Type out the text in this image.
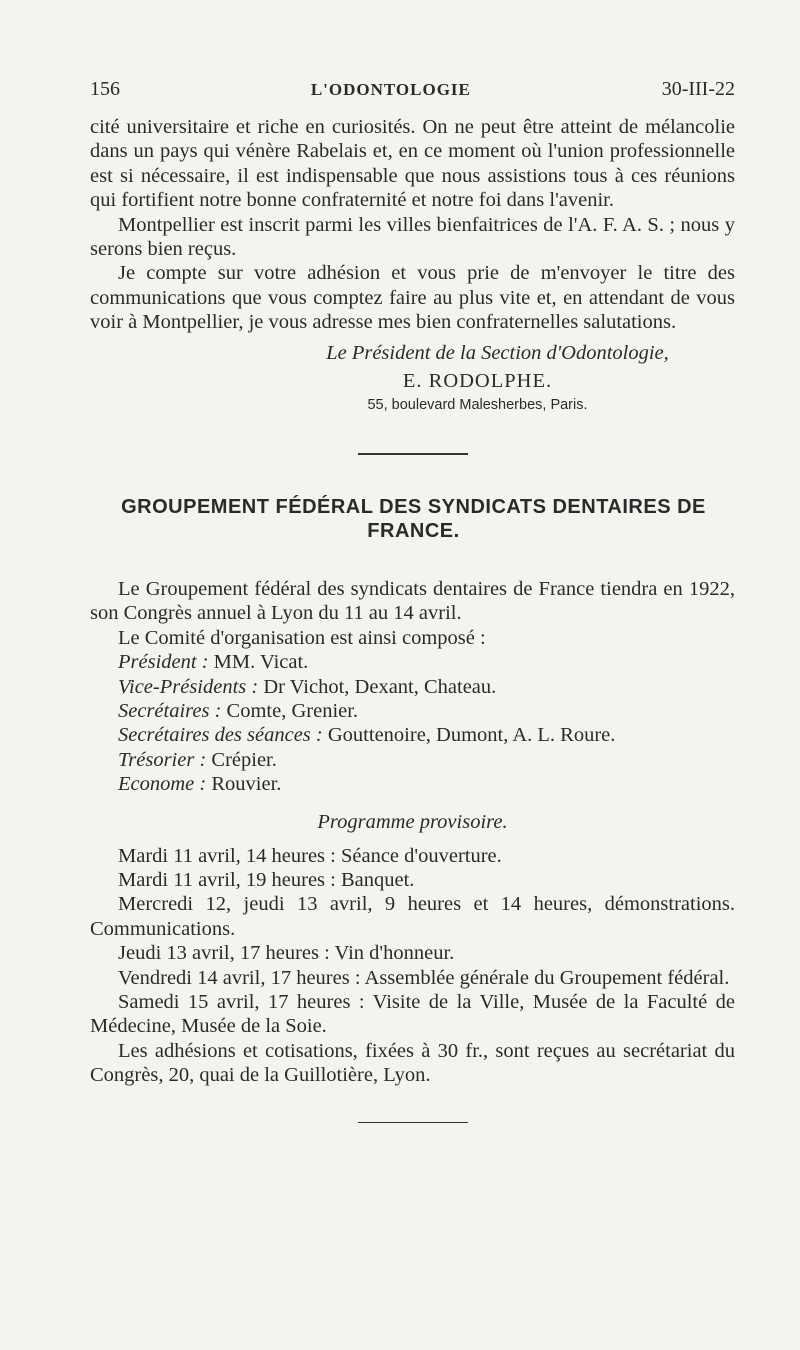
156	L'ODONTOLOGIE	30-III-22

cité universitaire et riche en curiosités. On ne peut être atteint de mélancolie dans un pays qui vénère Rabelais et, en ce moment où l'union professionnelle est si nécessaire, il est indispensable que nous assistions tous à ces réunions qui fortifient notre bonne confraternité et notre foi dans l'avenir.

Montpellier est inscrit parmi les villes bienfaitrices de l'A. F. A. S. ; nous y serons bien reçus.

Je compte sur votre adhésion et vous prie de m'envoyer le titre des communications que vous comptez faire au plus vite et, en attendant de vous voir à Montpellier, je vous adresse mes bien confraternelles salutations.

Le Président de la Section d'Odontologie,

E. RODOLPHE.

55, boulevard Malesherbes, Paris.

GROUPEMENT FÉDÉRAL DES SYNDICATS DENTAIRES DE FRANCE.

Le Groupement fédéral des syndicats dentaires de France tiendra en 1922, son Congrès annuel à Lyon du 11 au 14 avril.

Le Comité d'organisation est ainsi composé :

Président : MM. Vicat.

Vice-Présidents : Dr Vichot, Dexant, Chateau.

Secrétaires : Comte, Grenier.

Secrétaires des séances : Gouttenoire, Dumont, A. L. Roure.

Trésorier : Crépier.

Econome : Rouvier.

Programme provisoire.

Mardi 11 avril, 14 heures : Séance d'ouverture.

Mardi 11 avril, 19 heures : Banquet.

Mercredi 12, jeudi 13 avril, 9 heures et 14 heures, démonstrations. Communications.

Jeudi 13 avril, 17 heures : Vin d'honneur.

Vendredi 14 avril, 17 heures : Assemblée générale du Groupement fédéral.

Samedi 15 avril, 17 heures : Visite de la Ville, Musée de la Faculté de Médecine, Musée de la Soie.

Les adhésions et cotisations, fixées à 30 fr., sont reçues au secrétariat du Congrès, 20, quai de la Guillotière, Lyon.
